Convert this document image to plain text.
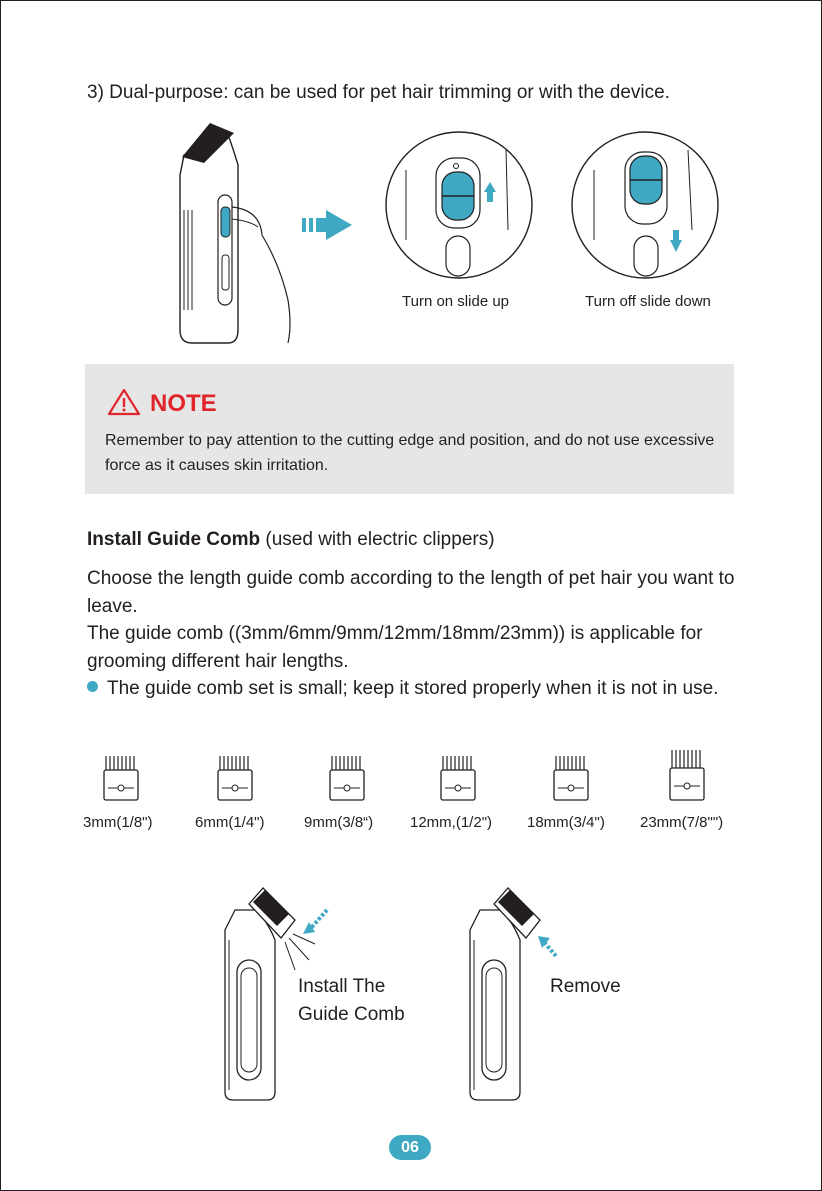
3) Dual-purpose: can be used for pet hair trimming or with the device.
Turn on slide up	Turn off slide down
NOTE
Remember to pay attention to the cutting edge and position, and do not use excessive force as it causes skin irritation.
Install Guide Comb (used with electric clippers)

Choose the length guide comb according to the length of pet hair you want to leave.

The guide comb ((3mm/6mm/9mm/12mm/18mm/23mm)) is applicable for grooming different hair lengths.

The guide comb set is small; keep it stored properly when it is not in use.

3mm(1/8")	6mm(1/4")	9mm(3/8“) 12mm,(1/2") 18mm(3/4") 23mm(7/8"")
Install The
Guide Comb
Remove
06
